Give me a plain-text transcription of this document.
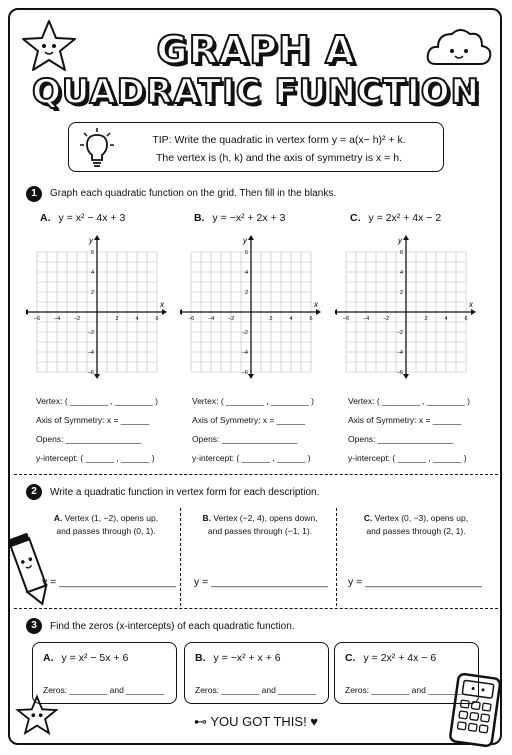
GRAPH A
QUADRATIC FUNCTION
TIP: Write the quadratic in vertex form y = a(x− h)² + k.
The vertex is (h, k) and the axis of symmetry is x = h.
1	Graph each quadratic function on the grid. Then fill in the blanks.
A. y = x² − 4x + 3	B. y = −x² + 2x + 3	C. y = 2x² + 4x − 2
x
y
−6 −4 −2	2	4	6
6
4
2
−2
−4
−6
x
y
−6 −4 −2	2	4	6
6
4
2
−2
−4
−6
x
y
−6 −4 −2	2	4	6
6
4
2
−2
−4
−6
Vertex: ( ________ , ________ )
Axis of Symmetry: x = ______
Opens: ________________
y-intercept: ( ______ , ______ )
Vertex: ( ________ , ________ )
Axis of Symmetry: x = ______
Opens: ________________
y-intercept: ( ______ , ______ )
Vertex: ( ________ , ________ )
Axis of Symmetry: x = ______
Opens: ________________
y-intercept: ( ______ , ______ )
2	Write a quadratic function in vertex form for each description.
A. Vertex (1, −2), opens up,
and passes through (0, 1).
B. Vertex (−2, 4), opens down,
and passes through (−1, 1).
C. Vertex (0, −3), opens up,
and passes through (2, 1).
y = ____________________ y = ____________________ y = ____________________
3	Find the zeros (x-intercepts) of each quadratic function.
A. y = x² − 5x + 6
Zeros: ________ and ________
B. y = −x² + x + 6
Zeros: ________ and ________
C. y = 2x² + 4x − 6
Zeros: ________ and ________
⊷ YOU GOT THIS! ♥
